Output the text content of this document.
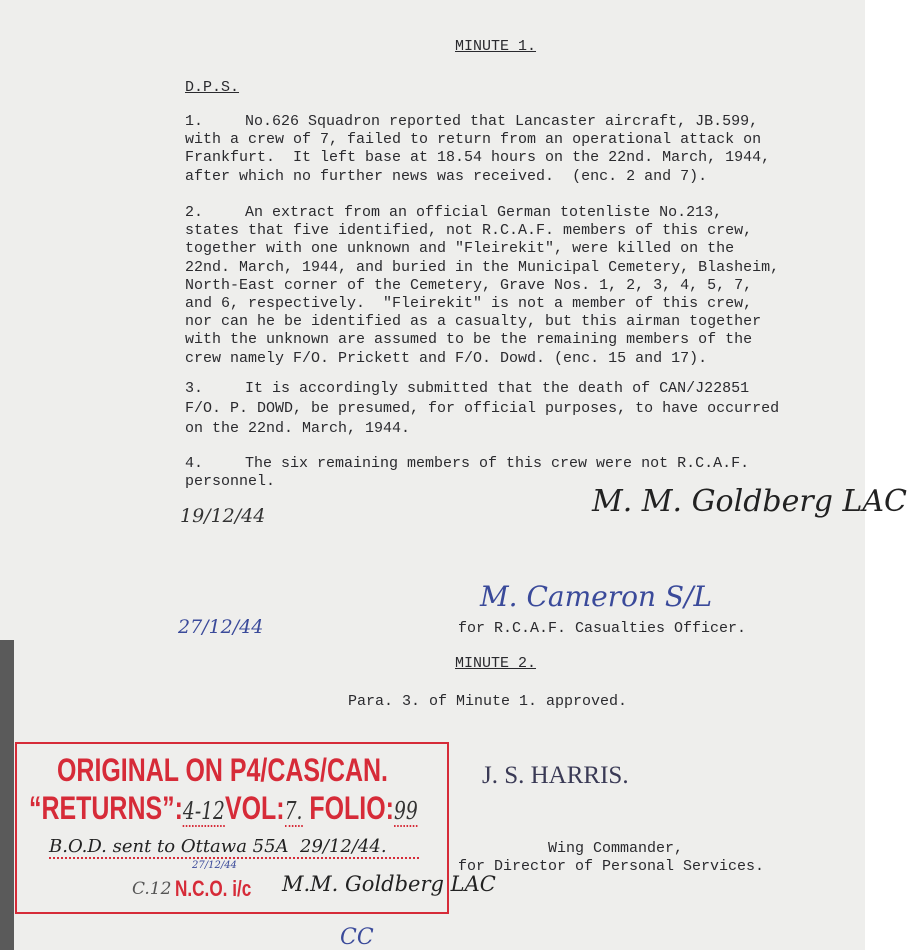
MINUTE 1.
D.P.S.
1.	No.626 Squadron reported that Lancaster aircraft, JB.599,
with a crew of 7, failed to return from an operational attack on
Frankfurt.  It left base at 18.54 hours on the 22nd. March, 1944,
after which no further news was received.  (enc. 2 and 7).
2.	An extract from an official German totenliste No.213,
states that five identified, not R.C.A.F. members of this crew,
together with one unknown and "Fleirekit", were killed on the
22nd. March, 1944, and buried in the Municipal Cemetery, Blasheim,
North-East corner of the Cemetery, Grave Nos. 1, 2, 3, 4, 5, 7,
and 6, respectively.  "Fleirekit" is not a member of this crew,
nor can he be identified as a casualty, but this airman together
with the unknown are assumed to be the remaining members of the
crew namely F/O. Prickett and F/O. Dowd. (enc. 15 and 17).
3.	It is accordingly submitted that the death of CAN/J22851
F/O. P. DOWD, be presumed, for official purposes, to have occurred
on the 22nd. March, 1944.
4.	The six remaining members of this crew were not R.C.A.F.
personnel.
M. M. Goldberg LAC
19/12/44
M. Cameron S/L
27/12/44	for R.C.A.F. Casualties Officer.
MINUTE 2.
Para. 3. of Minute 1. approved.
J. S. HARRIS.
Wing Commander,
for Director of Personal Services.
ORIGINAL ON P4/CAS/CAN.
“RETURNS”:4-12VOL:7. FOLIO:99
B.O.D. sent to Ottawa 55A  29/12/44.
27/12/44
C.12 N.C.O. i/c M.M. Goldberg LAC
CC
